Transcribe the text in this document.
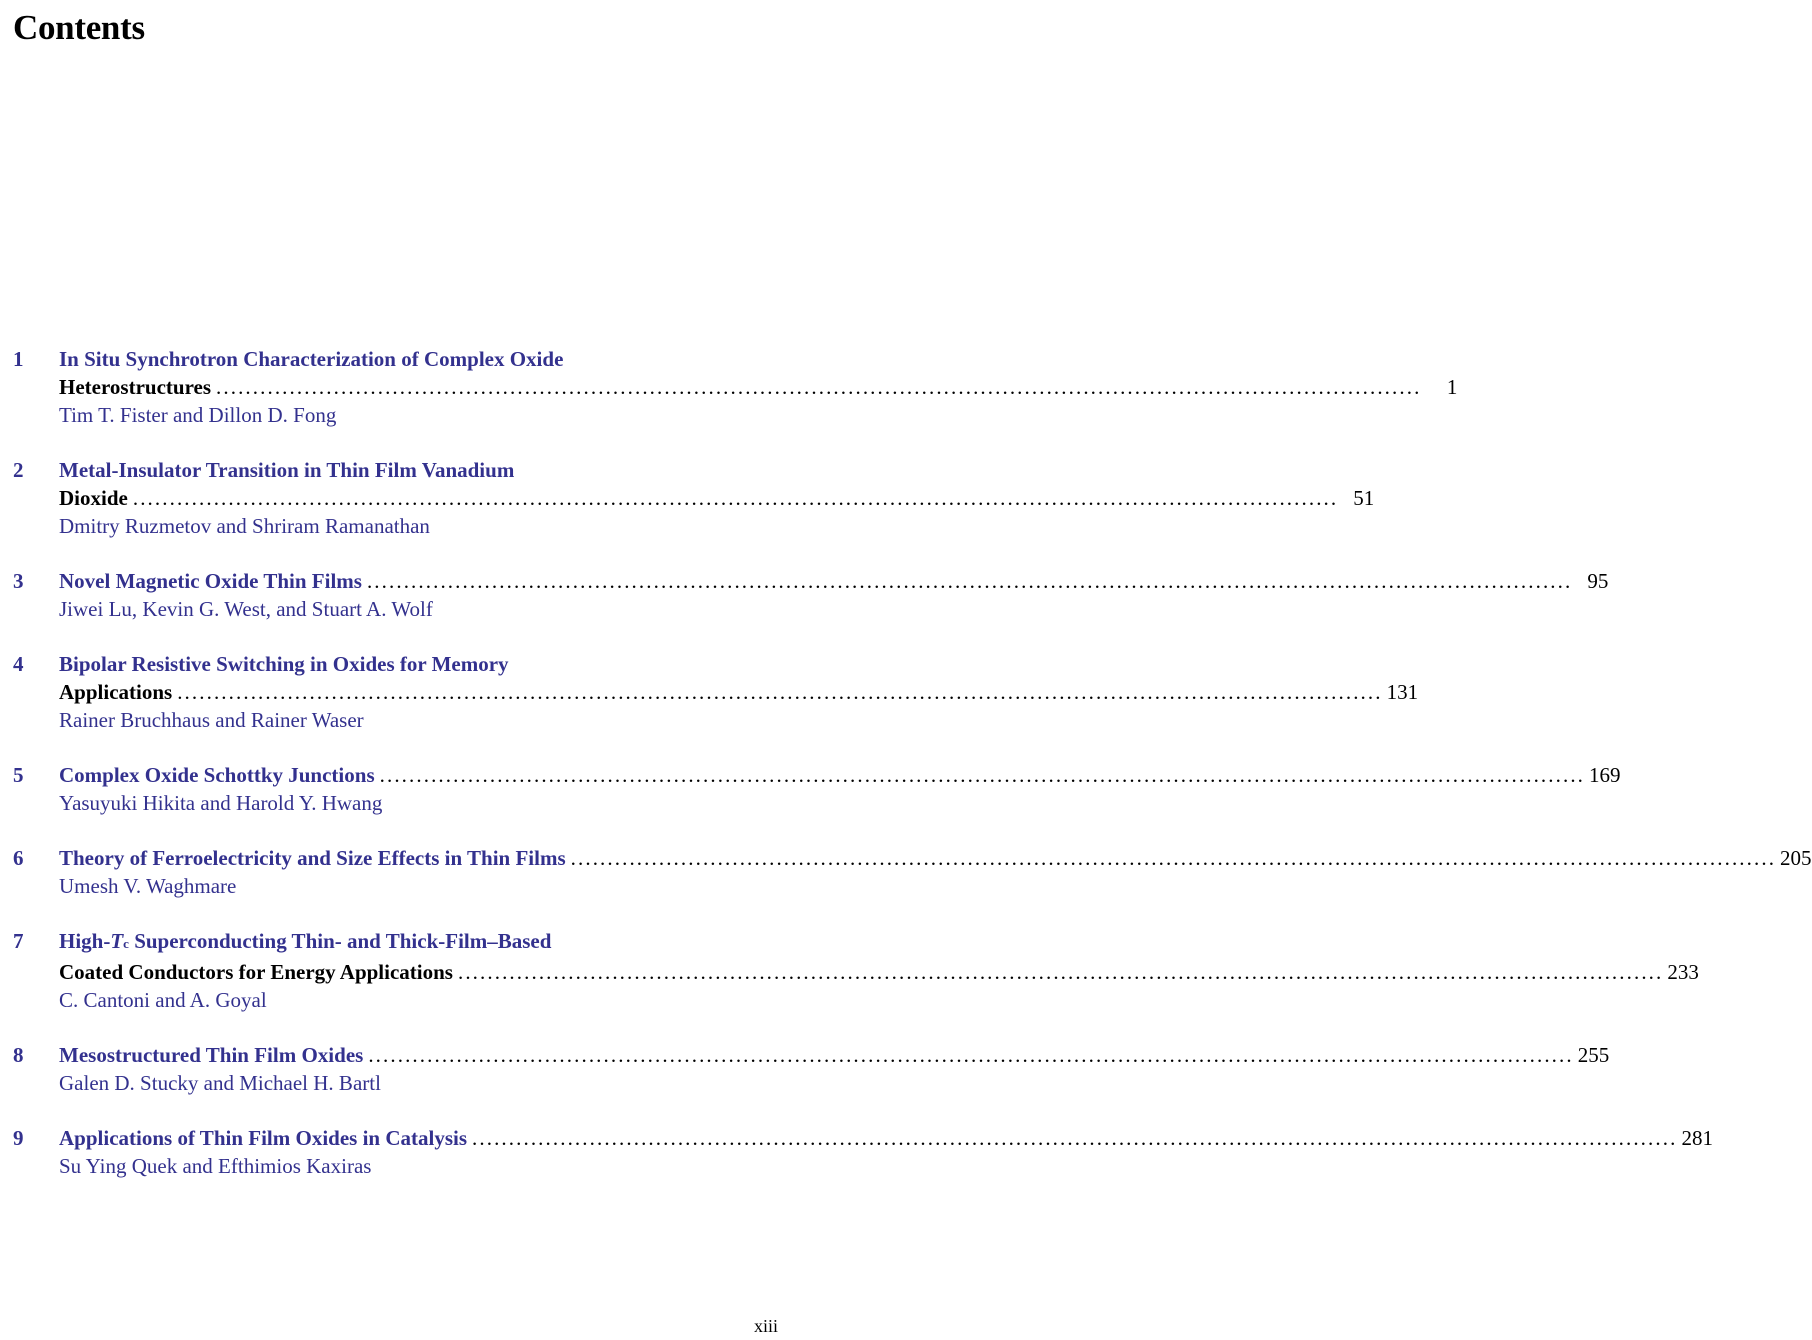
Contents
1 In Situ Synchrotron Characterization of Complex Oxide
Heterostructures ....................................................................................................................................................................	1
Tim T. Fister and Dillon D. Fong
2 Metal-Insulator Transition in Thin Film Vanadium
Dioxide .................................................................................................................................................................... 51
Dmitry Ruzmetov and Shriram Ramanathan
3 Novel Magnetic Oxide Thin Films .................................................................................................................................................................... 95
Jiwei Lu, Kevin G. West, and Stuart A. Wolf
4 Bipolar Resistive Switching in Oxides for Memory
Applications .................................................................................................................................................................... 131
Rainer Bruchhaus and Rainer Waser
5 Complex Oxide Schottky Junctions .................................................................................................................................................................... 169
Yasuyuki Hikita and Harold Y. Hwang
6 Theory of Ferroelectricity and Size Effects in Thin Films .................................................................................................................................................................... 205
Umesh V. Waghmare
7 High- T c Superconducting Thin- and Thick-Film–Based
Coated Conductors for Energy Applications .................................................................................................................................................................... 233
C. Cantoni and A. Goyal
8 Mesostructured Thin Film Oxides .................................................................................................................................................................... 255
Galen D. Stucky and Michael H. Bartl
9 Applications of Thin Film Oxides in Catalysis .................................................................................................................................................................... 281
Su Ying Quek and Efthimios Kaxiras
xiii
